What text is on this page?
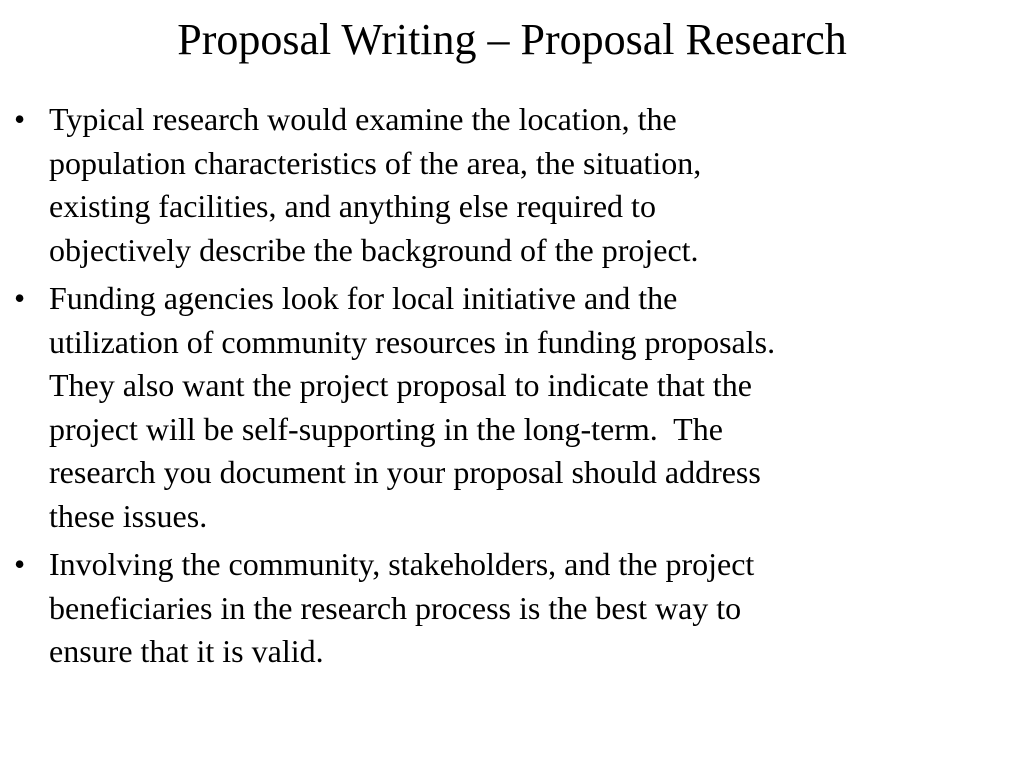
Proposal Writing – Proposal Research
• Typical research would examine the location, the
population characteristics of the area, the situation,
existing facilities, and anything else required to
objectively describe the background of the project.
• Funding agencies look for local initiative and the
utilization of community resources in funding proposals.
They also want the project proposal to indicate that the
project will be self-supporting in the long-term.  The
research you document in your proposal should address
these issues.
• Involving the community, stakeholders, and the project
beneficiaries in the research process is the best way to
ensure that it is valid.
